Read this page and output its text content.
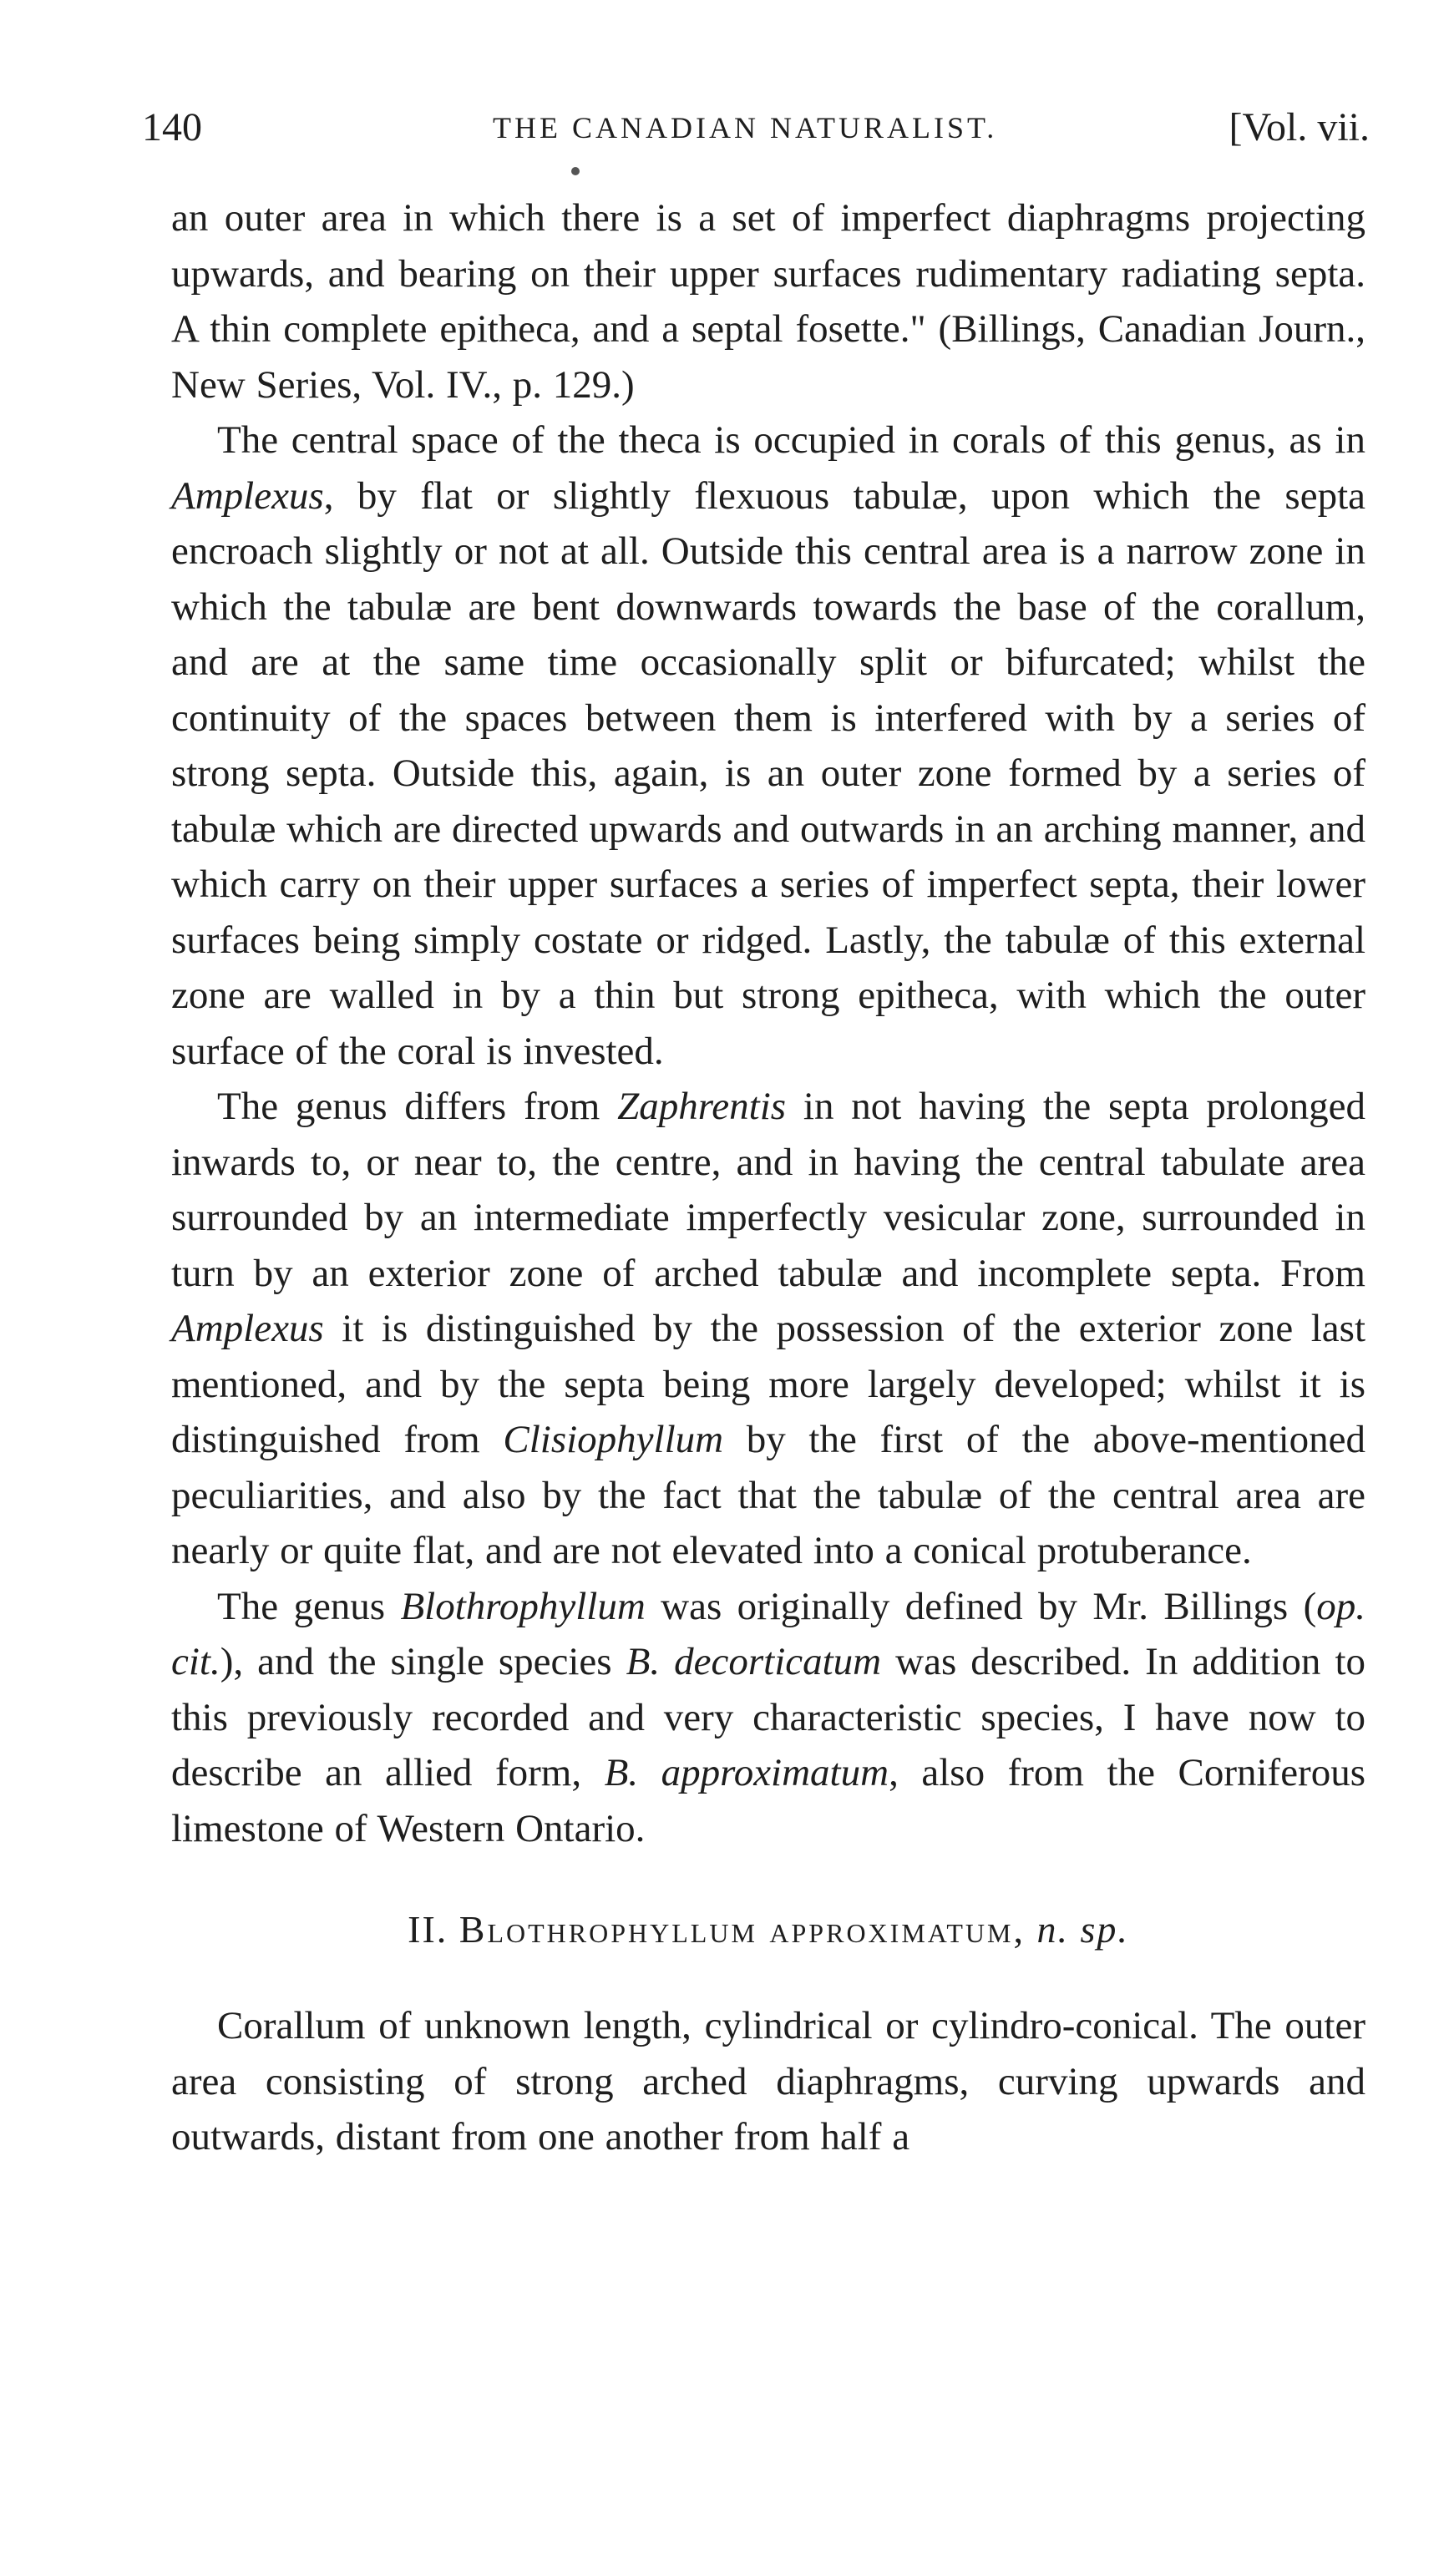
140	THE CANADIAN NATURALIST.	[Vol. vii.

an outer area in which there is a set of imperfect diaphragms projecting upwards, and bearing on their upper surfaces rudimentary radiating septa. A thin complete epitheca, and a septal fosette." (Billings, Canadian Journ., New Series, Vol. IV., p. 129.)

The central space of the theca is occupied in corals of this genus, as in Amplexus, by flat or slightly flexuous tabulæ, upon which the septa encroach slightly or not at all. Outside this central area is a narrow zone in which the tabulæ are bent downwards towards the base of the corallum, and are at the same time occasionally split or bifurcated; whilst the continuity of the spaces between them is interfered with by a series of strong septa. Outside this, again, is an outer zone formed by a series of tabulæ which are directed upwards and outwards in an arching manner, and which carry on their upper surfaces a series of imperfect septa, their lower surfaces being simply costate or ridged. Lastly, the tabulæ of this external zone are walled in by a thin but strong epitheca, with which the outer surface of the coral is invested.

The genus differs from Zaphrentis in not having the septa prolonged inwards to, or near to, the centre, and in having the central tabulate area surrounded by an intermediate imperfectly vesicular zone, surrounded in turn by an exterior zone of arched tabulæ and incomplete septa. From Amplexus it is distinguished by the possession of the exterior zone last mentioned, and by the septa being more largely developed; whilst it is distinguished from Clisiophyllum by the first of the above-mentioned peculiarities, and also by the fact that the tabulæ of the central area are nearly or quite flat, and are not elevated into a conical protuberance.

The genus Blothrophyllum was originally defined by Mr. Billings (op. cit.), and the single species B. decorticatum was described. In addition to this previously recorded and very characteristic species, I have now to describe an allied form, B. approximatum, also from the Corniferous limestone of Western Ontario.

II. Blothrophyllum approximatum, n. sp.

Corallum of unknown length, cylindrical or cylindro-conical. The outer area consisting of strong arched diaphragms, curving upwards and outwards, distant from one another from half a
